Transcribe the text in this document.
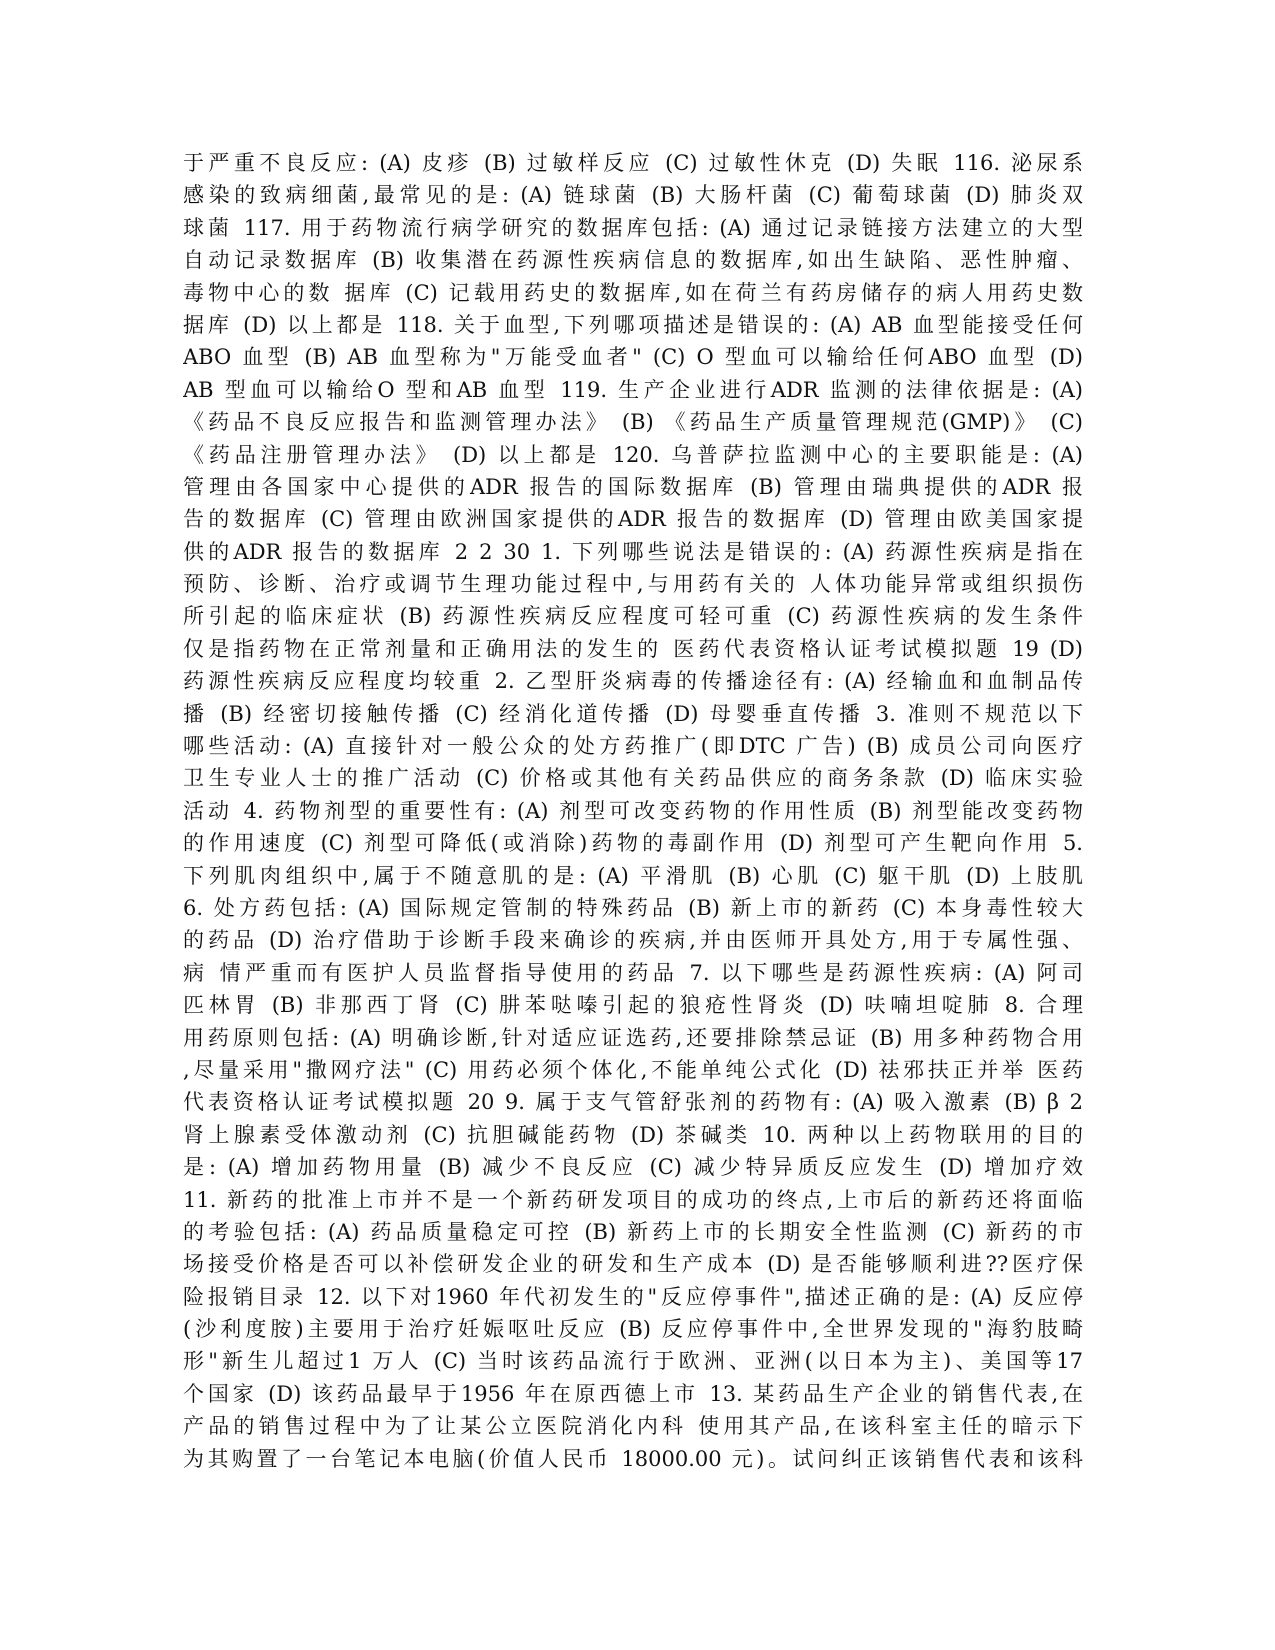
于严重不良反应: (A) 皮疹 (B) 过敏样反应 (C) 过敏性休克 (D) 失眠 116. 泌尿系
感染的致病细菌,最常见的是: (A) 链球菌 (B) 大肠杆菌 (C) 葡萄球菌 (D) 肺炎双
球菌 117. 用于药物流行病学研究的数据库包括: (A) 通过记录链接方法建立的大型
自动记录数据库 (B) 收集潜在药源性疾病信息的数据库,如出生缺陷、恶性肿瘤、
毒物中心的数 据库 (C) 记载用药史的数据库,如在荷兰有药房储存的病人用药史数
据库 (D) 以上都是 118. 关于血型,下列哪项描述是错误的: (A) AB 血型能接受任何
ABO 血型 (B) AB 血型称为"万能受血者" (C) O 型血可以输给任何ABO 血型 (D)
AB 型血可以输给O 型和AB 血型 119. 生产企业进行ADR 监测的法律依据是: (A)
《药品不良反应报告和监测管理办法》 (B) 《药品生产质量管理规范(GMP)》 (C)
《药品注册管理办法》 (D) 以上都是 120. 乌普萨拉监测中心的主要职能是: (A)
管理由各国家中心提供的ADR 报告的国际数据库 (B) 管理由瑞典提供的ADR 报
告的数据库 (C) 管理由欧洲国家提供的ADR 报告的数据库 (D) 管理由欧美国家提
供的ADR 报告的数据库 2 2 30 1. 下列哪些说法是错误的: (A) 药源性疾病是指在
预防、诊断、治疗或调节生理功能过程中,与用药有关的 人体功能异常或组织损伤
所引起的临床症状 (B) 药源性疾病反应程度可轻可重 (C) 药源性疾病的发生条件
仅是指药物在正常剂量和正确用法的发生的 医药代表资格认证考试模拟题 19 (D)
药源性疾病反应程度均较重 2. 乙型肝炎病毒的传播途径有: (A) 经输血和血制品传
播 (B) 经密切接触传播 (C) 经消化道传播 (D) 母婴垂直传播 3. 准则不规范以下
哪些活动: (A) 直接针对一般公众的处方药推广(即DTC 广告) (B) 成员公司向医疗
卫生专业人士的推广活动 (C) 价格或其他有关药品供应的商务条款 (D) 临床实验
活动 4. 药物剂型的重要性有: (A) 剂型可改变药物的作用性质 (B) 剂型能改变药物
的作用速度 (C) 剂型可降低(或消除)药物的毒副作用 (D) 剂型可产生靶向作用 5.
下列肌肉组织中,属于不随意肌的是: (A) 平滑肌 (B) 心肌 (C) 躯干肌 (D) 上肢肌
6. 处方药包括: (A) 国际规定管制的特殊药品 (B) 新上市的新药 (C) 本身毒性较大
的药品 (D) 治疗借助于诊断手段来确诊的疾病,并由医师开具处方,用于专属性强、
病 情严重而有医护人员监督指导使用的药品 7. 以下哪些是药源性疾病: (A) 阿司
匹林胃 (B) 非那西丁肾 (C) 肼苯哒嗪引起的狼疮性肾炎 (D) 呋喃坦啶肺 8. 合理
用药原则包括: (A) 明确诊断,针对适应证选药,还要排除禁忌证 (B) 用多种药物合用
,尽量采用"撒网疗法" (C) 用药必须个体化,不能单纯公式化 (D) 祛邪扶正并举 医药
代表资格认证考试模拟题 20 9. 属于支气管舒张剂的药物有: (A) 吸入激素 (B) β 2
肾上腺素受体激动剂 (C) 抗胆碱能药物 (D) 茶碱类 10. 两种以上药物联用的目的
是: (A) 增加药物用量 (B) 减少不良反应 (C) 减少特异质反应发生 (D) 增加疗效
11. 新药的批准上市并不是一个新药研发项目的成功的终点,上市后的新药还将面临
的考验包括: (A) 药品质量稳定可控 (B) 新药上市的长期安全性监测 (C) 新药的市
场接受价格是否可以补偿研发企业的研发和生产成本 (D) 是否能够顺利进??医疗保
险报销目录 12. 以下对1960 年代初发生的"反应停事件",描述正确的是: (A) 反应停
(沙利度胺)主要用于治疗妊娠呕吐反应 (B) 反应停事件中,全世界发现的"海豹肢畸
形"新生儿超过1 万人 (C) 当时该药品流行于欧洲、亚洲(以日本为主)、美国等17
个国家 (D) 该药品最早于1956 年在原西德上市 13. 某药品生产企业的销售代表,在
产品的销售过程中为了让某公立医院消化内科 使用其产品,在该科室主任的暗示下
为其购置了一台笔记本电脑(价值人民币 18000.00 元)。试问纠正该销售代表和该科
